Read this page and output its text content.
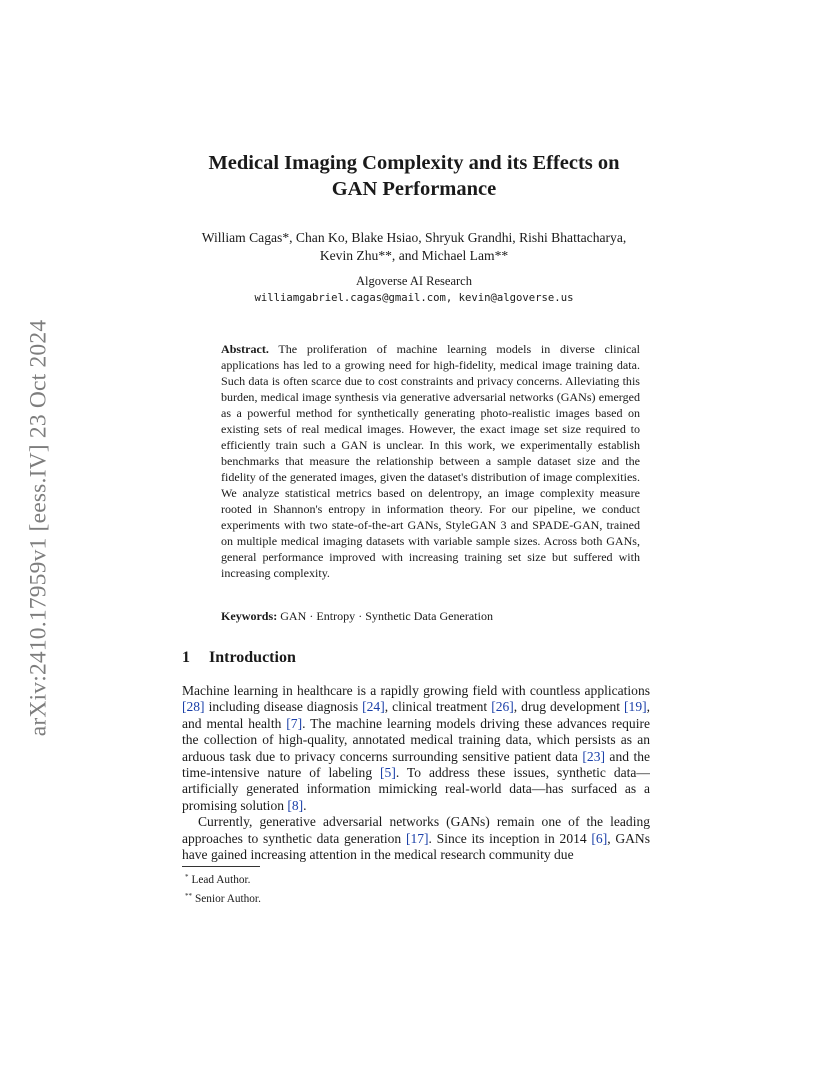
arXiv:2410.17959v1 [eess.IV] 23 Oct 2024
Medical Imaging Complexity and its Effects on
GAN Performance
William Cagas*, Chan Ko, Blake Hsiao, Shryuk Grandhi, Rishi Bhattacharya,
Kevin Zhu**, and Michael Lam**
Algoverse AI Research
williamgabriel.cagas@gmail.com, kevin@algoverse.us
Abstract. The proliferation of machine learning models in diverse clinical applications has led to a growing need for high-fidelity, medical image training data. Such data is often scarce due to cost constraints and privacy concerns. Alleviating this burden, medical image synthesis via generative adversarial networks (GANs) emerged as a powerful method for synthetically generating photo-realistic images based on existing sets of real medical images. However, the exact image set size required to efficiently train such a GAN is unclear. In this work, we experimentally establish benchmarks that measure the relationship between a sample dataset size and the fidelity of the generated images, given the dataset's distribution of image complexities. We analyze statistical metrics based on delentropy, an image complexity measure rooted in Shannon's entropy in information theory. For our pipeline, we conduct experiments with two state-of-the-art GANs, StyleGAN 3 and SPADE-GAN, trained on multiple medical imaging datasets with variable sample sizes. Across both GANs, general performance improved with increasing training set size but suffered with increasing complexity.
Keywords: GAN · Entropy · Synthetic Data Generation
1 Introduction

Machine learning in healthcare is a rapidly growing field with countless applications [28] including disease diagnosis [24], clinical treatment [26], drug development [19], and mental health [7]. The machine learning models driving these advances require the collection of high-quality, annotated medical training data, which persists as an arduous task due to privacy concerns surrounding sensitive patient data [23] and the time-intensive nature of labeling [5]. To address these issues, synthetic data—artificially generated information mimicking real-world data—has surfaced as a promising solution [8].

Currently, generative adversarial networks (GANs) remain one of the leading approaches to synthetic data generation [17]. Since its inception in 2014 [6], GANs have gained increasing attention in the medical research community due

* Lead Author.
** Senior Author.
